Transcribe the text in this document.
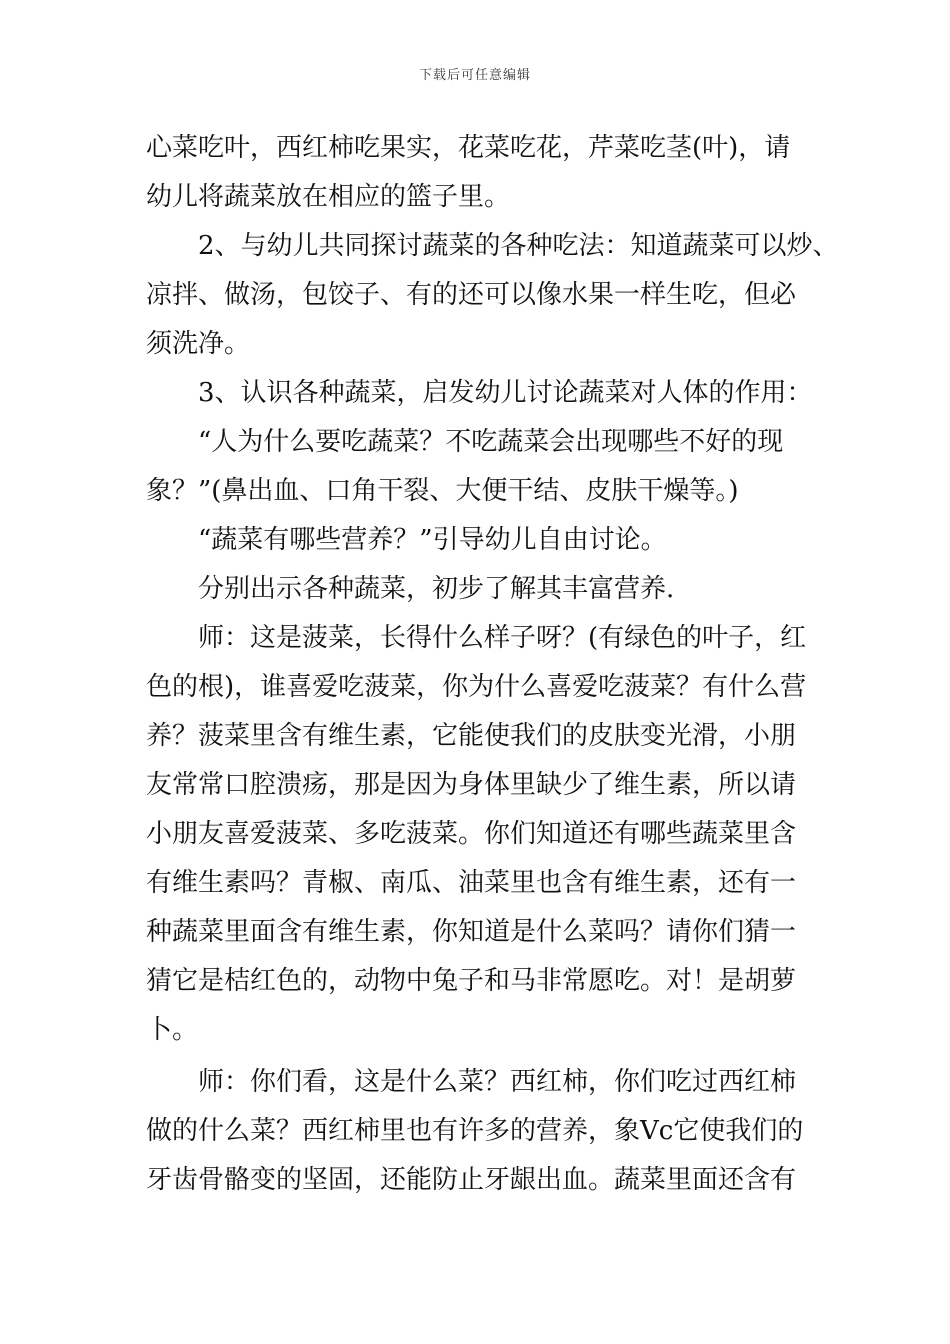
下载后可任意编辑
心菜吃叶，西红柿吃果实，花菜吃花，芹菜吃茎(叶)，请
幼儿将蔬菜放在相应的篮子里。
2、与幼儿共同探讨蔬菜的各种吃法：知道蔬菜可以炒、
凉拌、做汤，包饺子、有的还可以像水果一样生吃，但必
须洗净。
3、认识各种蔬菜，启发幼儿讨论蔬菜对人体的作用：
“人为什么要吃蔬菜？不吃蔬菜会出现哪些不好的现
象？”(鼻出血、口角干裂、大便干结、皮肤干燥等。)
“蔬菜有哪些营养？”引导幼儿自由讨论。
分别出示各种蔬菜，初步了解其丰富营养.
师：这是菠菜，长得什么样子呀？(有绿色的叶子，红
色的根)，谁喜爱吃菠菜，你为什么喜爱吃菠菜？有什么营
养？菠菜里含有维生素，它能使我们的皮肤变光滑，小朋
友常常口腔溃疡，那是因为身体里缺少了维生素，所以请
小朋友喜爱菠菜、多吃菠菜。你们知道还有哪些蔬菜里含
有维生素吗？青椒、南瓜、油菜里也含有维生素，还有一
种蔬菜里面含有维生素，你知道是什么菜吗？请你们猜一
猜它是桔红色的，动物中兔子和马非常愿吃。对！是胡萝
卜。
师：你们看，这是什么菜？西红柿，你们吃过西红柿
做的什么菜？西红柿里也有许多的营养，象Vc它使我们的
牙齿骨骼变的坚固，还能防止牙龈出血。蔬菜里面还含有
